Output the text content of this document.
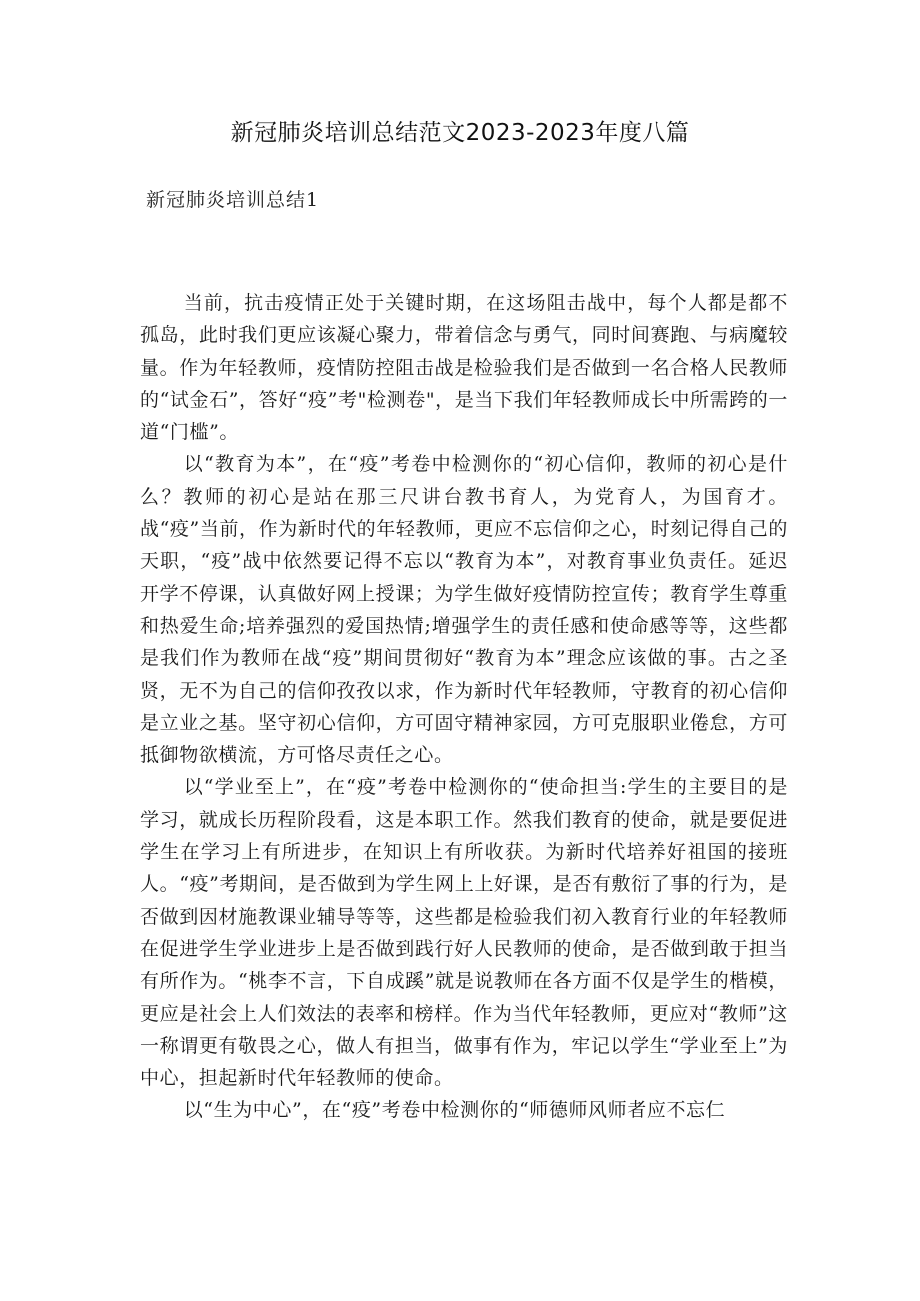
新冠肺炎培训总结范文2023-2023年度八篇
新冠肺炎培训总结1

当前，抗击疫情正处于关键时期，在这场阻击战中，每个人都是都不孤岛，此时我们更应该凝心聚力，带着信念与勇气，同时间赛跑、与病魔较量。作为年轻教师，疫情防控阻击战是检验我们是否做到一名合格人民教师的“试金石”，答好“疫”考"检测卷"，是当下我们年轻教师成长中所需跨的一道“门槛”。

以“教育为本”，在“疫”考卷中检测你的“初心信仰，教师的初心是什么？教师的初心是站在那三尺讲台教书育人，为党育人，为国育才。战“疫”当前，作为新时代的年轻教师，更应不忘信仰之心，时刻记得自己的天职，“疫”战中依然要记得不忘以“教育为本”，对教育事业负责任。延迟开学不停课，认真做好网上授课；为学生做好疫情防控宣传；教育学生尊重和热爱生命;培养强烈的爱国热情;增强学生的责任感和使命感等等，这些都是我们作为教师在战“疫”期间贯彻好“教育为本”理念应该做的事。古之圣贤，无不为自己的信仰孜孜以求，作为新时代年轻教师，守教育的初心信仰是立业之基。坚守初心信仰，方可固守精神家园，方可克服职业倦怠，方可抵御物欲横流，方可恪尽责任之心。

以“学业至上”，在“疫”考卷中检测你的“使命担当:学生的主要目的是学习，就成长历程阶段看，这是本职工作。然我们教育的使命，就是要促进学生在学习上有所进步，在知识上有所收获。为新时代培养好祖国的接班人。“疫”考期间，是否做到为学生网上上好课，是否有敷衍了事的行为，是否做到因材施教课业辅导等等，这些都是检验我们初入教育行业的年轻教师在促进学生学业进步上是否做到践行好人民教师的使命，是否做到敢于担当有所作为。“桃李不言，下自成蹊”就是说教师在各方面不仅是学生的楷模，更应是社会上人们效法的表率和榜样。作为当代年轻教师，更应对“教师”这一称谓更有敬畏之心，做人有担当，做事有作为，牢记以学生“学业至上”为中心，担起新时代年轻教师的使命。

以“生为中心”，在“疫”考卷中检测你的“师德师风师者应不忘仁
